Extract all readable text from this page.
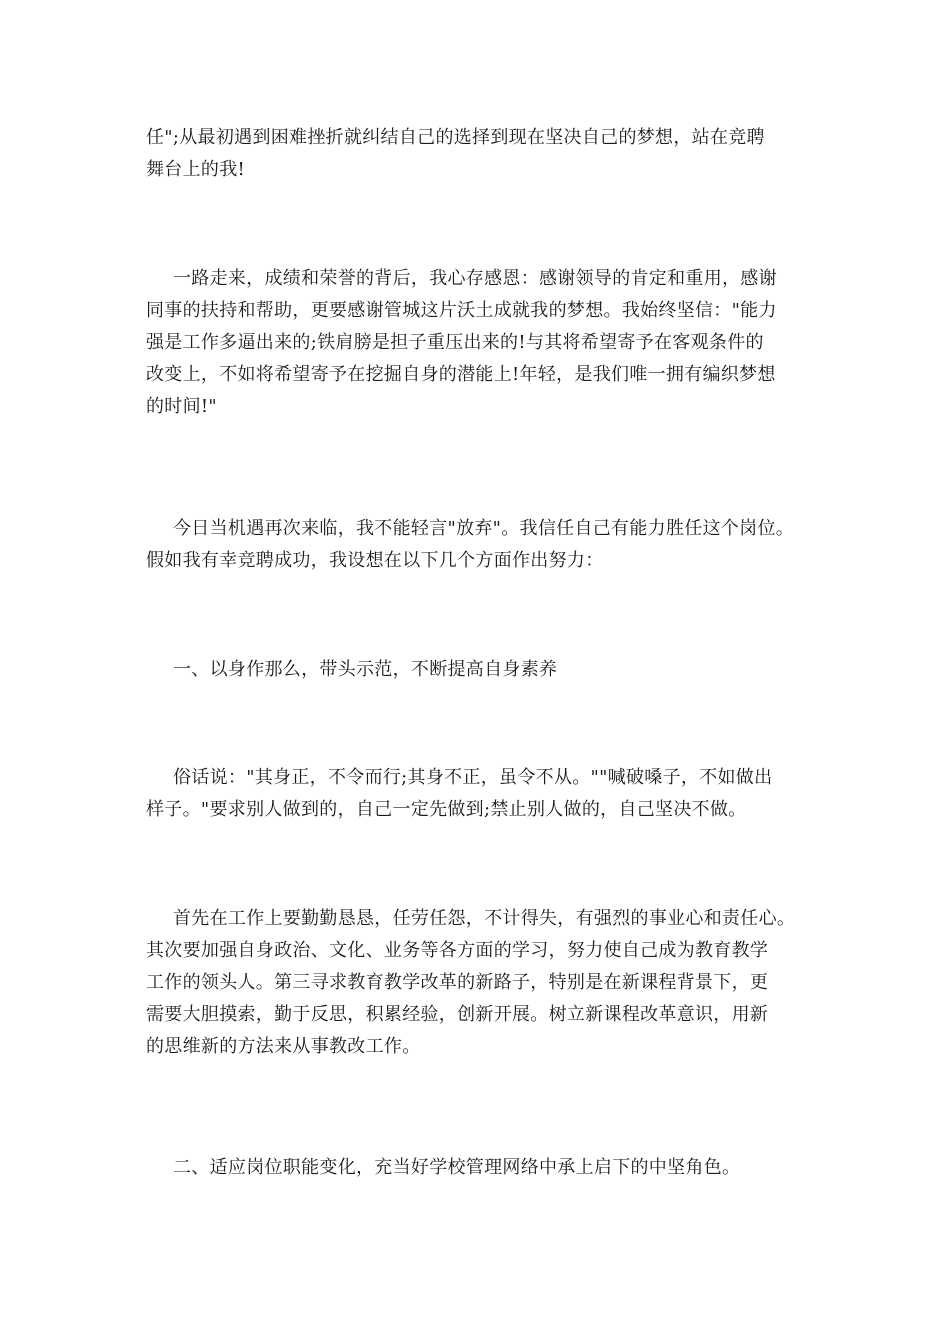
任";从最初遇到困难挫折就纠结自己的选择到现在坚决自己的梦想，站在竞聘
舞台上的我!
一路走来，成绩和荣誉的背后，我心存感恩：感谢领导的肯定和重用，感谢
同事的扶持和帮助，更要感谢管城这片沃土成就我的梦想。我始终坚信："能力
强是工作多逼出来的;铁肩膀是担子重压出来的!与其将希望寄予在客观条件的
改变上，不如将希望寄予在挖掘自身的潜能上!年轻，是我们唯一拥有编织梦想
的时间!"
今日当机遇再次来临，我不能轻言"放弃"。我信任自己有能力胜任这个岗位。
假如我有幸竞聘成功，我设想在以下几个方面作出努力：
一、以身作那么，带头示范，不断提高自身素养
俗话说："其身正，不令而行;其身不正，虽令不从。""喊破嗓子，不如做出
样子。"要求别人做到的，自己一定先做到;禁止别人做的，自己坚决不做。
首先在工作上要勤勤恳恳，任劳任怨，不计得失，有强烈的事业心和责任心。
其次要加强自身政治、文化、业务等各方面的学习，努力使自己成为教育教学
工作的领头人。第三寻求教育教学改革的新路子，特别是在新课程背景下，更
需要大胆摸索，勤于反思，积累经验，创新开展。树立新课程改革意识，用新
的思维新的方法来从事教改工作。
二、适应岗位职能变化，充当好学校管理网络中承上启下的中坚角色。
